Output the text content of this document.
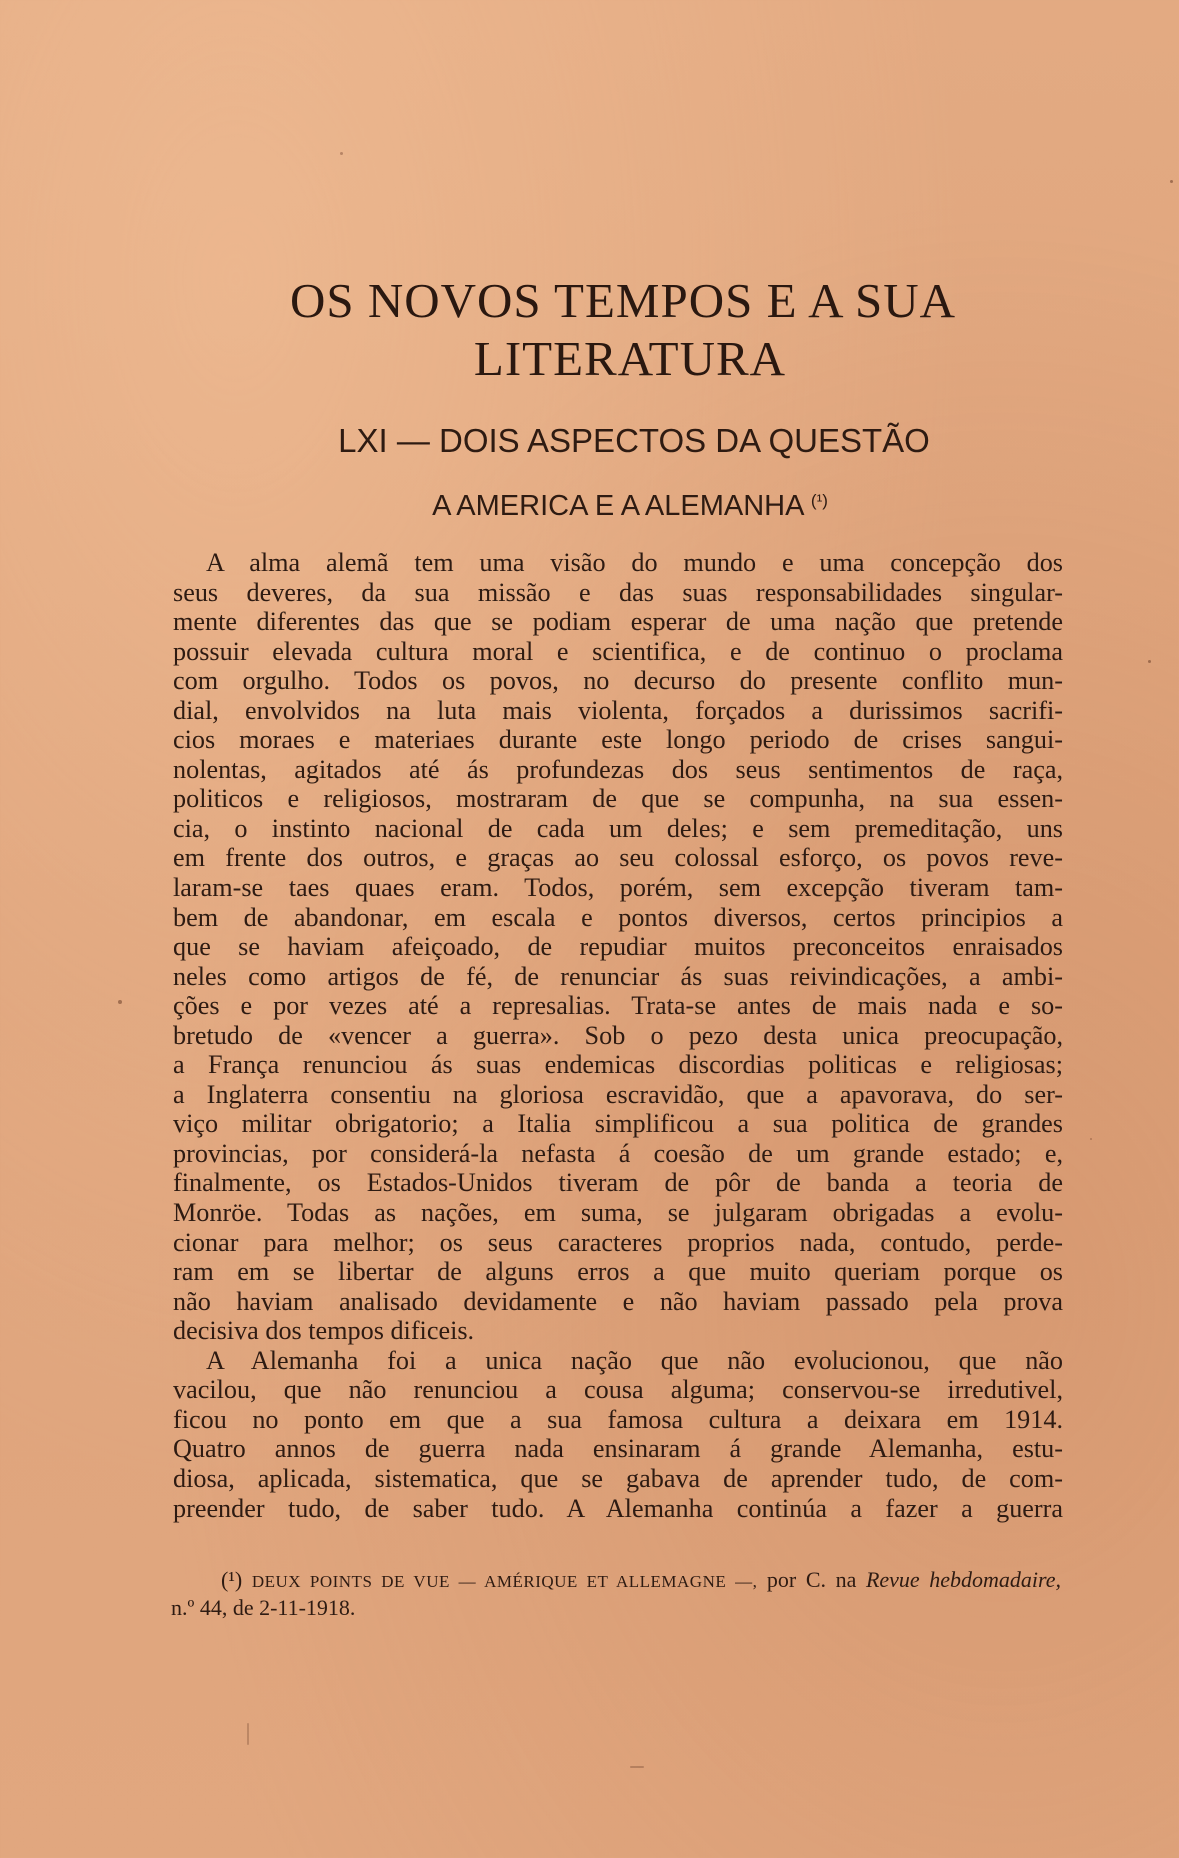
OS NOVOS TEMPOS E A SUA
LITERATURA
LXI — DOIS ASPECTOS DA QUESTÃO
A AMERICA E A ALEMANHA $^{(^1)}$
A alma alemã tem uma visão do mundo e uma concepção dos
seus deveres, da sua missão e das suas responsabilidades singular-
mente diferentes das que se podiam esperar de uma nação que pretende
possuir elevada cultura moral e scientifica, e de continuo o proclama
com orgulho. Todos os povos, no decurso do presente conflito mun-
dial, envolvidos na luta mais violenta, forçados a durissimos sacrifi-
cios moraes e materiaes durante este longo periodo de crises sangui-
nolentas, agitados até ás profundezas dos seus sentimentos de raça,
politicos e religiosos, mostraram de que se compunha, na sua essen-
cia, o instinto nacional de cada um deles; e sem premeditação, uns
em frente dos outros, e graças ao seu colossal esforço, os povos reve-
laram-se taes quaes eram. Todos, porém, sem excepção tiveram tam-
bem de abandonar, em escala e pontos diversos, certos principios a
que se haviam afeiçoado, de repudiar muitos preconceitos enraisados
neles como artigos de fé, de renunciar ás suas reivindicações, a ambi-
ções e por vezes até a represalias. Trata-se antes de mais nada e so-
bretudo de «vencer a guerra». Sob o pezo desta unica preocupação,
a França renunciou ás suas endemicas discordias politicas e religiosas;
a Inglaterra consentiu na gloriosa escravidão, que a apavorava, do ser-
viço militar obrigatorio; a Italia simplificou a sua politica de grandes
provincias, por considerá-la nefasta á coesão de um grande estado; e,
finalmente, os Estados-Unidos tiveram de pôr de banda a teoria de
Monröe. Todas as nações, em suma, se julgaram obrigadas a evolu-
cionar para melhor; os seus caracteres proprios nada, contudo, perde-
ram em se libertar de alguns erros a que muito queriam porque os
não haviam analisado devidamente e não haviam passado pela prova
decisiva dos tempos dificeis.
A Alemanha foi a unica nação que não evolucionou, que não
vacilou, que não renunciou a cousa alguma; conservou-se irredutivel,
ficou no ponto em que a sua famosa cultura a deixara em 1914.
Quatro annos de guerra nada ensinaram á grande Alemanha, estu-
diosa, aplicada, sistematica, que se gabava de aprender tudo, de com-
preender tudo, de saber tudo. A Alemanha continúa a fazer a guerra
(¹) DEUX POINTS DE VUE — AMÉRIQUE ET ALLEMAGNE —, por C. na Revue hebdomadaire,
n.º 44, de 2-11-1918.
